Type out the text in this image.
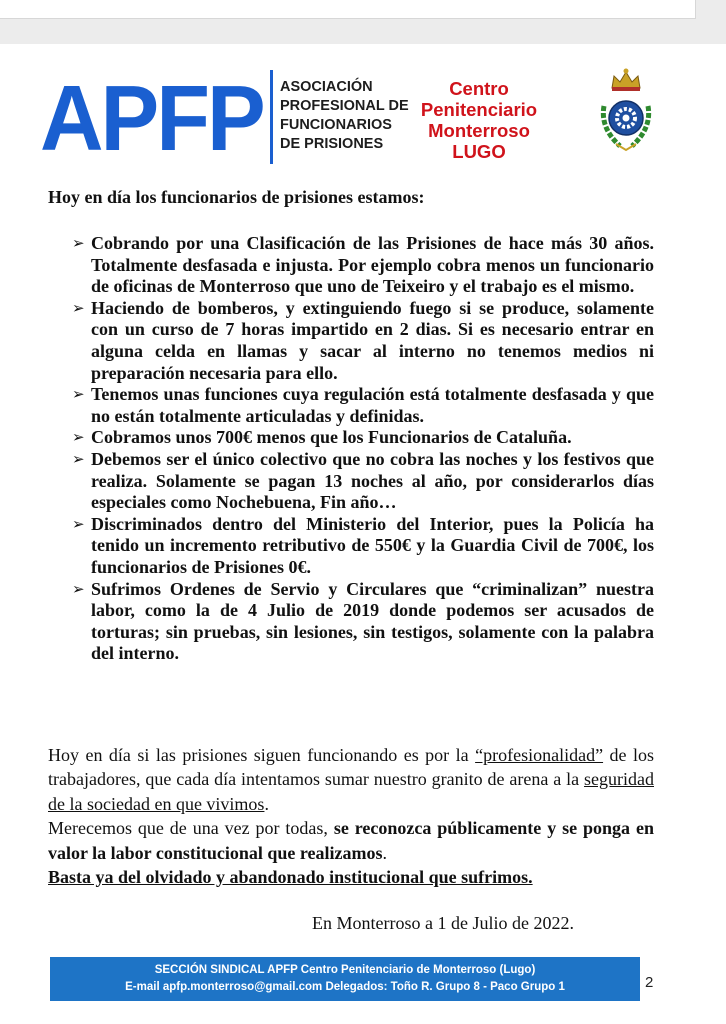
APFP ASOCIACIÓN
PROFESIONAL DE
FUNCIONARIOS
DE PRISIONES
Centro
Penitenciario
Monterroso
LUGO
Hoy en día los funcionarios de prisiones estamos:
➢ Cobrando por una Clasificación de las Prisiones de hace más 30 años. Totalmente desfasada e injusta. Por ejemplo cobra menos un funcionario de oficinas de Monterroso que uno de Teixeiro y el trabajo es el mismo.
➢ Haciendo de bomberos, y extinguiendo fuego si se produce, solamente con un curso de 7 horas impartido en 2 dias. Si es necesario entrar en alguna celda en llamas y sacar al interno no tenemos medios ni preparación necesaria para ello.
➢ Tenemos unas funciones cuya regulación está totalmente desfasada y que no están totalmente articuladas y definidas.
➢ Cobramos unos 700€ menos que los Funcionarios de Cataluña.
➢ Debemos ser el único colectivo que no cobra las noches y los festivos que realiza. Solamente se pagan 13 noches al año, por considerarlos días especiales como Nochebuena, Fin año…
➢ Discriminados dentro del Ministerio del Interior, pues la Policía ha tenido un incremento retributivo de 550€ y la Guardia Civil de 700€, los funcionarios de Prisiones 0€.
➢ Sufrimos Ordenes de Servio y Circulares que “criminalizan” nuestra labor, como la de 4 Julio de 2019 donde podemos ser acusados de torturas; sin pruebas, sin lesiones, sin testigos, solamente con la palabra del interno.

Hoy en día si las prisiones siguen funcionando es por la “profesionalidad” de los trabajadores, que cada día intentamos sumar nuestro granito de arena a la seguridad de la sociedad en que vivimos.

Merecemos que de una vez por todas, se reconozca públicamente y se ponga en valor la labor constitucional que realizamos.

Basta ya del olvidado y abandonado institucional que sufrimos.

En Monterroso a 1 de Julio de 2022.
SECCIÓN SINDICAL APFP Centro Penitenciario de Monterroso (Lugo)
E-mail apfp.monterroso@gmail.com Delegados: Toño R. Grupo 8 - Paco Grupo 1	2
